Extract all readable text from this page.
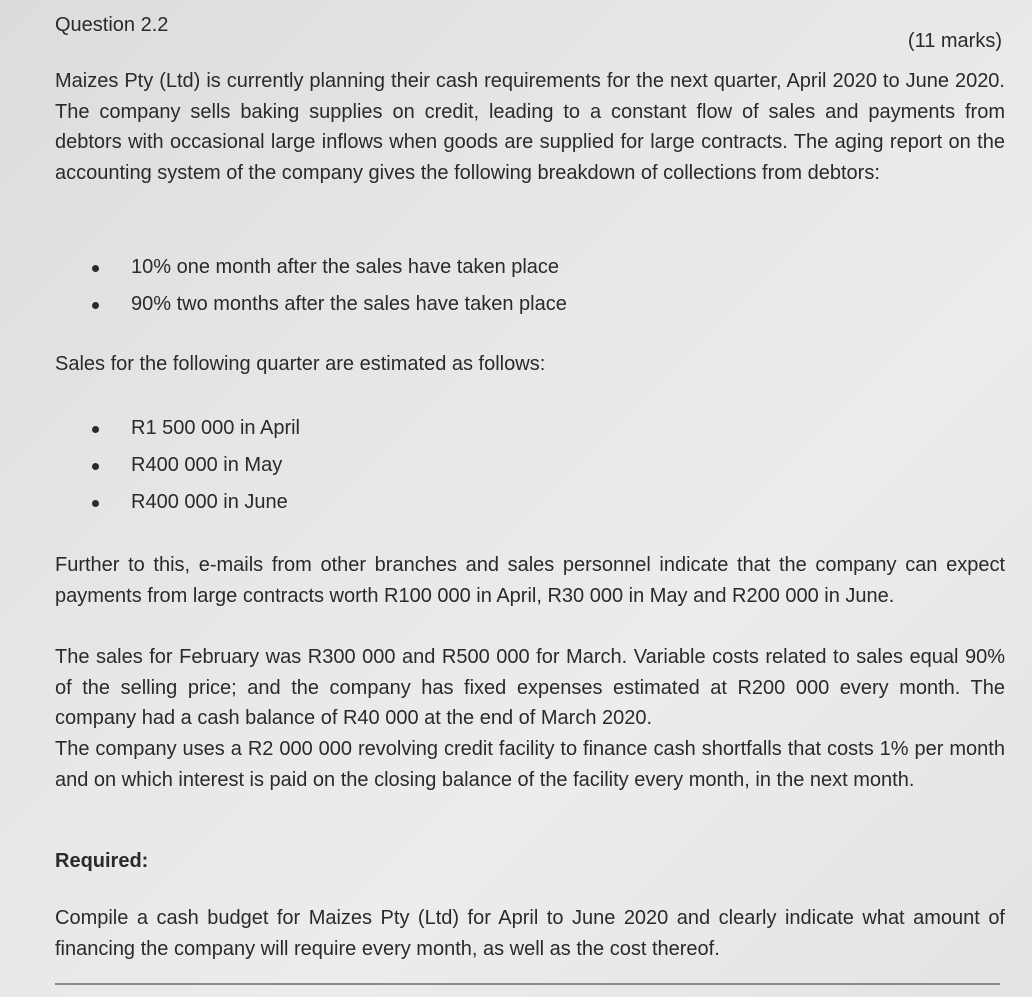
Question 2.2
(11 marks)

Maizes Pty (Ltd) is currently planning their cash requirements for the next quarter, April 2020 to June 2020. The company sells baking supplies on credit, leading to a constant flow of sales and payments from debtors with occasional large inflows when goods are supplied for large contracts. The aging report on the accounting system of the company gives the following breakdown of collections from debtors:

10% one month after the sales have taken place
90% two months after the sales have taken place

Sales for the following quarter are estimated as follows:

R1 500 000 in April
R400 000 in May
R400 000 in June

Further to this, e-mails from other branches and sales personnel indicate that the company can expect payments from large contracts worth R100 000 in April, R30 000 in May and R200 000 in June.

The sales for February was R300 000 and R500 000 for March. Variable costs related to sales equal 90% of the selling price; and the company has fixed expenses estimated at R200 000 every month. The company had a cash balance of R40 000 at the end of March 2020.

The company uses a R2 000 000 revolving credit facility to finance cash shortfalls that costs 1% per month and on which interest is paid on the closing balance of the facility every month, in the next month.

Required:

Compile a cash budget for Maizes Pty (Ltd) for April to June 2020 and clearly indicate what amount of financing the company will require every month, as well as the cost thereof.
